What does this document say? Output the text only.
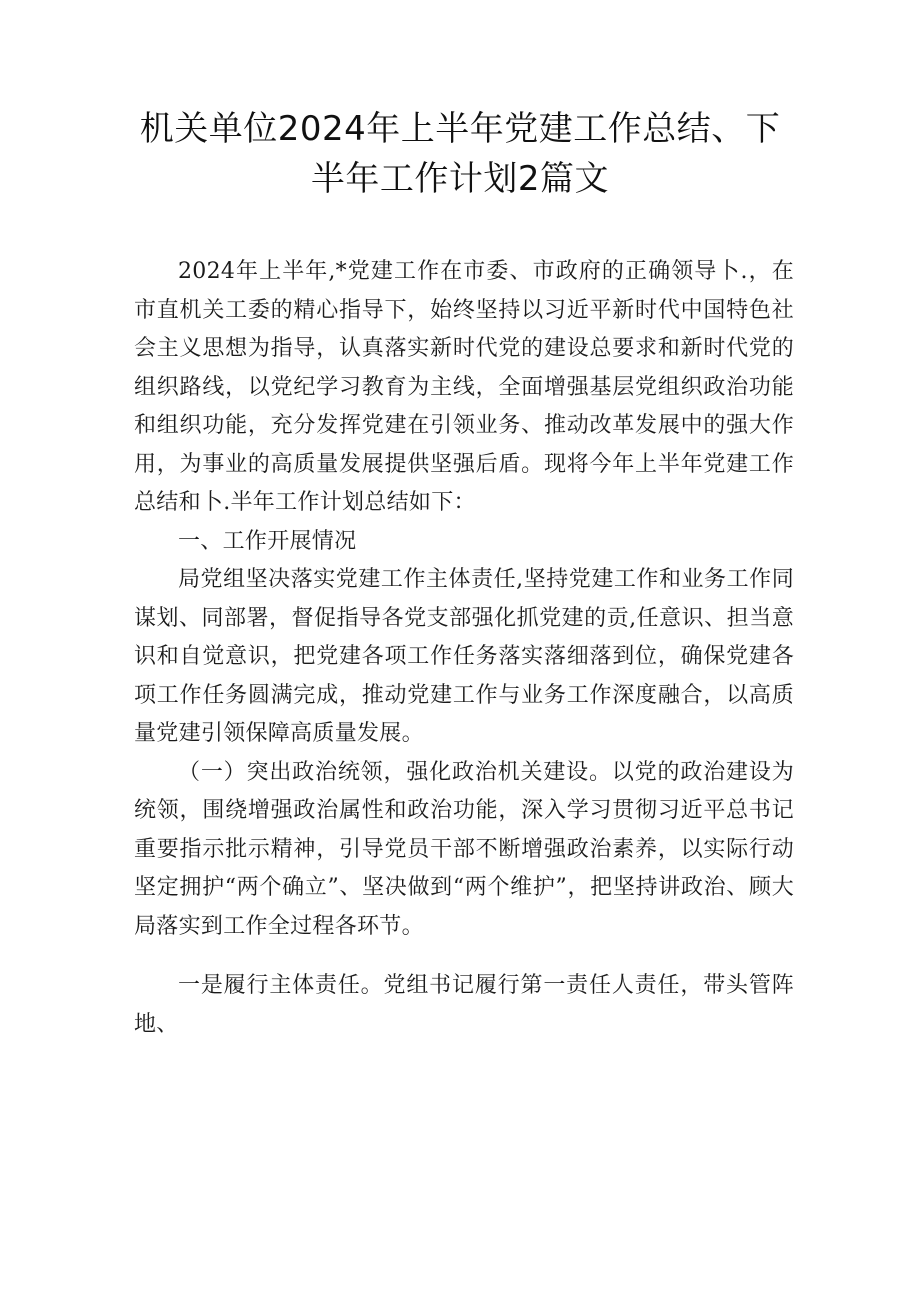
机关单位2024年上半年党建工作总结、下
半年工作计划2篇文

2024年上半年,*党建工作在市委、市政府的正确领导卜.，在市直机关工委的精心指导下，始终坚持以习近平新时代中国特色社会主义思想为指导，认真落实新时代党的建设总要求和新时代党的组织路线，以党纪学习教育为主线，全面增强基层党组织政治功能和组织功能，充分发挥党建在引领业务、推动改革发展中的强大作用，为事业的高质量发展提供坚强后盾。现将今年上半年党建工作总结和卜.半年工作计划总结如下：

一、工作开展情况

局党组坚决落实党建工作主体责任,坚持党建工作和业务工作同谋划、同部署，督促指导各党支部强化抓党建的贡,任意识、担当意识和自觉意识，把党建各项工作任务落实落细落到位，确保党建各项工作任务圆满完成，推动党建工作与业务工作深度融合，以高质量党建引领保障高质量发展。

（一）突出政治统领，强化政治机关建设。以党的政治建设为统领，围绕增强政治属性和政治功能，深入学习贯彻习近平总书记重要指示批示精神，引导党员干部不断增强政治素养，以实际行动坚定拥护“两个确立”、坚决做到“两个维护”，把坚持讲政治、顾大局落实到工作全过程各环节。

一是履行主体责任。党组书记履行第一责任人责任，带头管阵地、
